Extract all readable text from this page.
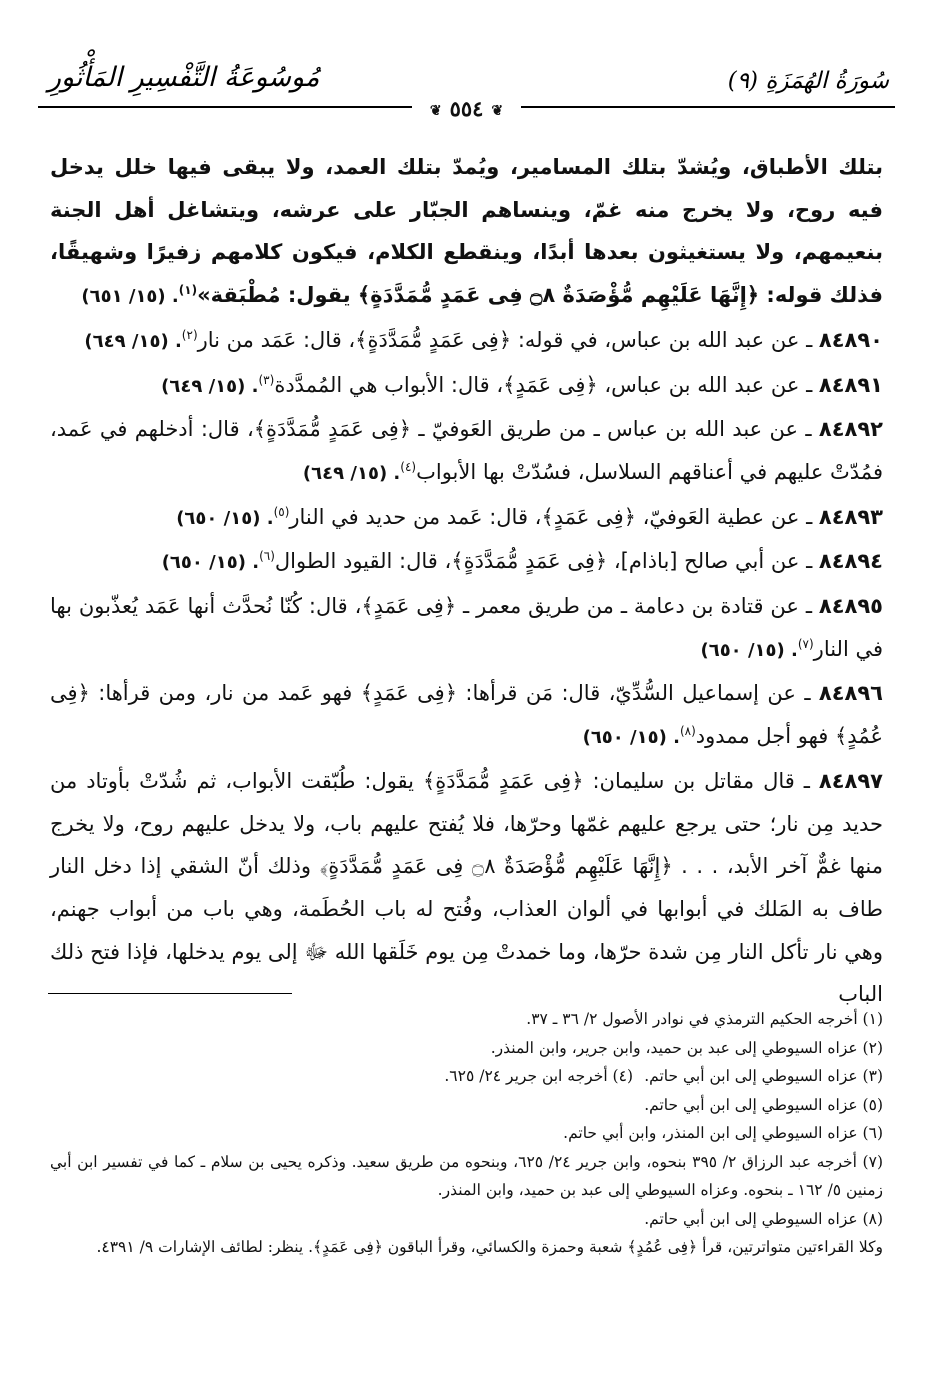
مُوسُوعَةُ التَّفْسِيرِ المَأْثُورِ	سُورَةُ الهُمَزَةِ (٩)
❦٥٥٤❦

بتلك الأطباق، ويُشدّ بتلك المسامير، ويُمدّ بتلك العمد، ولا يبقى فيها خلل يدخل فيه روح، ولا يخرج منه غمّ، وينساهم الجبّار على عرشه، ويتشاغل أهل الجنة بنعيمهم، ولا يستغيثون بعدها أبدًا، وينقطع الكلام، فيكون كلامهم زفيرًا وشهيقًا، فذلك قوله: ﴿إِنَّهَا عَلَيْهِم مُّؤْصَدَةٌ ۝٨ فِى عَمَدٍ مُّمَدَّدَةٍ﴾ يقول: مُطْبَقة»$^{(١)}$. (١٥/ ٦٥١)

٨٤٨٩٠ ـ عن عبد الله بن عباس، في قوله: ﴿فِى عَمَدٍ مُّمَدَّدَةٍ﴾، قال: عَمَد من نار$^{(٢)}$. (١٥/ ٦٤٩)

٨٤٨٩١ ـ عن عبد الله بن عباس، ﴿فِى عَمَدٍ﴾، قال: الأبواب هي المُمدَّدة$^{(٣)}$. (١٥/ ٦٤٩)

٨٤٨٩٢ ـ عن عبد الله بن عباس ـ من طريق العَوفيّ ـ ﴿فِى عَمَدٍ مُّمَدَّدَةٍ﴾، قال: أدخلهم في عَمد، فمُدّتْ عليهم في أعناقهم السلاسل، فسُدّتْ بها الأبواب$^{(٤)}$. (١٥/ ٦٤٩)

٨٤٨٩٣ ـ عن عطية العَوفيّ، ﴿فِى عَمَدٍ﴾، قال: عَمد من حديد في النار$^{(٥)}$. (١٥/ ٦٥٠)

٨٤٨٩٤ ـ عن أبي صالح [باذام]، ﴿فِى عَمَدٍ مُّمَدَّدَةٍ﴾، قال: القيود الطوال$^{(٦)}$. (١٥/ ٦٥٠)

٨٤٨٩٥ ـ عن قتادة بن دعامة ـ من طريق معمر ـ ﴿فِى عَمَدٍ﴾، قال: كُنّا نُحدَّث أنها عَمَد يُعذّبون بها في النار$^{(٧)}$. (١٥/ ٦٥٠)

٨٤٨٩٦ ـ عن إسماعيل السُّدِّيّ، قال: مَن قرأها: ﴿فِى عَمَدٍ﴾ فهو عَمد من نار، ومن قرأها: ﴿فِى عُمُدٍ﴾ فهو أجل ممدود$^{(٨)}$. (١٥/ ٦٥٠)

٨٤٨٩٧ ـ قال مقاتل بن سليمان: ﴿فِى عَمَدٍ مُّمَدَّدَةٍ﴾ يقول: طُبّقت الأبواب، ثم شُدّتْ بأوتاد من حديد مِن نار؛ حتى يرجع عليهم غمّها وحرّها، فلا يُفتح عليهم باب، ولا يدخل عليهم روح، ولا يخرج منها غمٌّ آخر الأبد، . . . ﴿إِنَّهَا عَلَيْهِم مُّؤْصَدَةٌ ۝٨ فِى عَمَدٍ مُّمَدَّدَةٍ﴾ وذلك أنّ الشقي إذا دخل النار طاف به المَلك في أبوابها في ألوان العذاب، وفُتح له باب الحُطَمة، وهي باب من أبواب جهنم، وهي نار تأكل النار مِن شدة حرّها، وما خمدتْ مِن يوم خَلَقها الله ﷻ إلى يوم يدخلها، فإذا فتح ذلك الباب

(١) أخرجه الحكيم الترمذي في نوادر الأصول ٢/ ٣٦ ـ ٣٧.

(٢) عزاه السيوطي إلى عبد بن حميد، وابن جرير، وابن المنذر.

(٣) عزاه السيوطي إلى ابن أبي حاتم.
(٤) أخرجه ابن جرير ٢٤/ ٦٢٥.

(٥) عزاه السيوطي إلى ابن أبي حاتم.

(٦) عزاه السيوطي إلى ابن المنذر، وابن أبي حاتم.

(٧) أخرجه عبد الرزاق ٢/ ٣٩٥ بنحوه، وابن جرير ٢٤/ ٦٢٥، وبنحوه من طريق سعيد. وذكره يحيى بن سلام ـ كما في تفسير ابن أبي زمنين ٥/ ١٦٢ ـ بنحوه. وعزاه السيوطي إلى عبد بن حميد، وابن المنذر.

(٨) عزاه السيوطي إلى ابن أبي حاتم.

وكلا القراءتين متواترتين، قرأ ﴿فِى عُمُدٍ﴾ شعبة وحمزة والكسائي، وقرأ الباقون ﴿فِى عَمَدٍ﴾. ينظر: لطائف الإشارات ٩/ ٤٣٩١.
